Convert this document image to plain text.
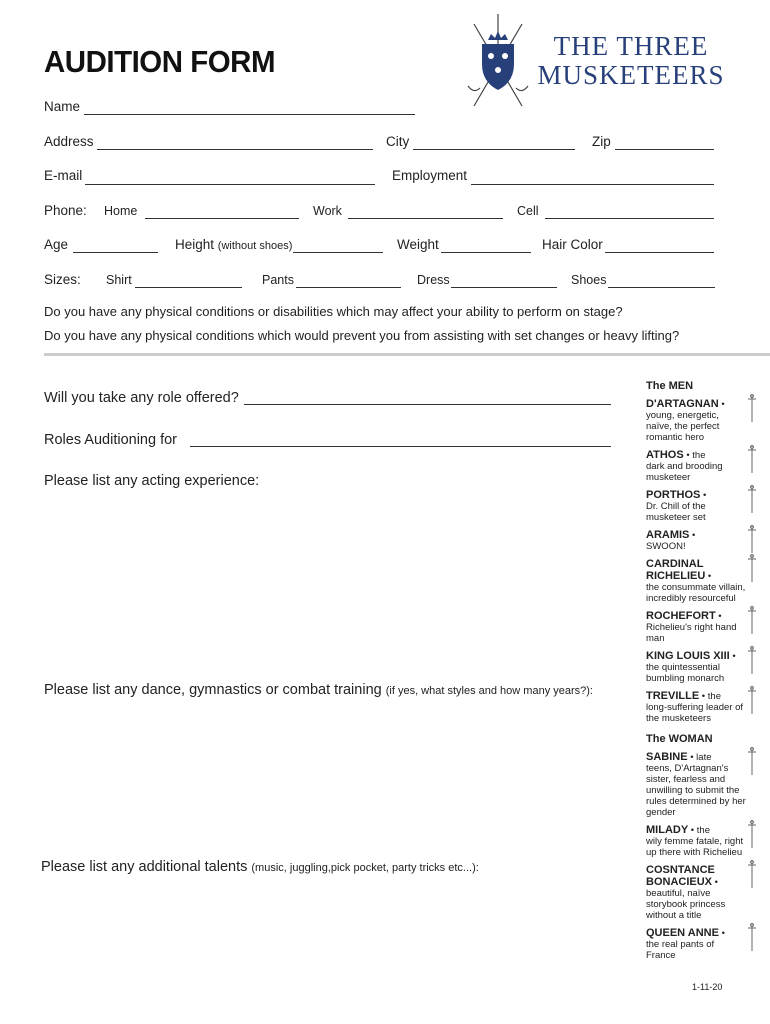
AUDITION FORM	THE THREE
MUSKETEERS
Name
Address	City	Zip
E-mail	Employment
Phone: Home	Work	Cell
Age	Height (without shoes)	Weight	Hair Color
Sizes: Shirt	Pants	Dress	Shoes
Do you have any physical conditions or disabilities which may affect your ability to perform on stage?
Do you have any physical conditions which would prevent you from assisting with set changes or heavy lifting?
Will you take any role offered?
Roles Auditioning for
Please list any acting experience:
Please list any dance, gymnastics or combat training (if yes, what styles and how many years?):
Please list any additional talents (music, juggling,pick pocket, party tricks etc...):
The MEN
D'ARTAGNAN •
young, energetic, naïve, the perfect romantic hero
ATHOS • the
dark and brooding musketeer
PORTHOS •
Dr. Chill of the musketeer set
ARAMIS •
SWOON!
CARDINAL RICHELIEU •
the consummate villain, incredibly resourceful
ROCHEFORT •
Richelieu's right hand man
KING LOUIS XIII •
the quintessential bumbling monarch
TREVILLE • the
long-suffering leader of the musketeers
The WOMAN
SABINE • late
teens, D'Artagnan's sister, fearless and unwilling to submit the rules determined by her gender
MILADY • the
wily femme fatale, right up there with Richelieu
COSNTANCE BONACIEUX •
beautiful, naïve storybook princess without a title
QUEEN ANNE •
the real pants of France
1-11-20
